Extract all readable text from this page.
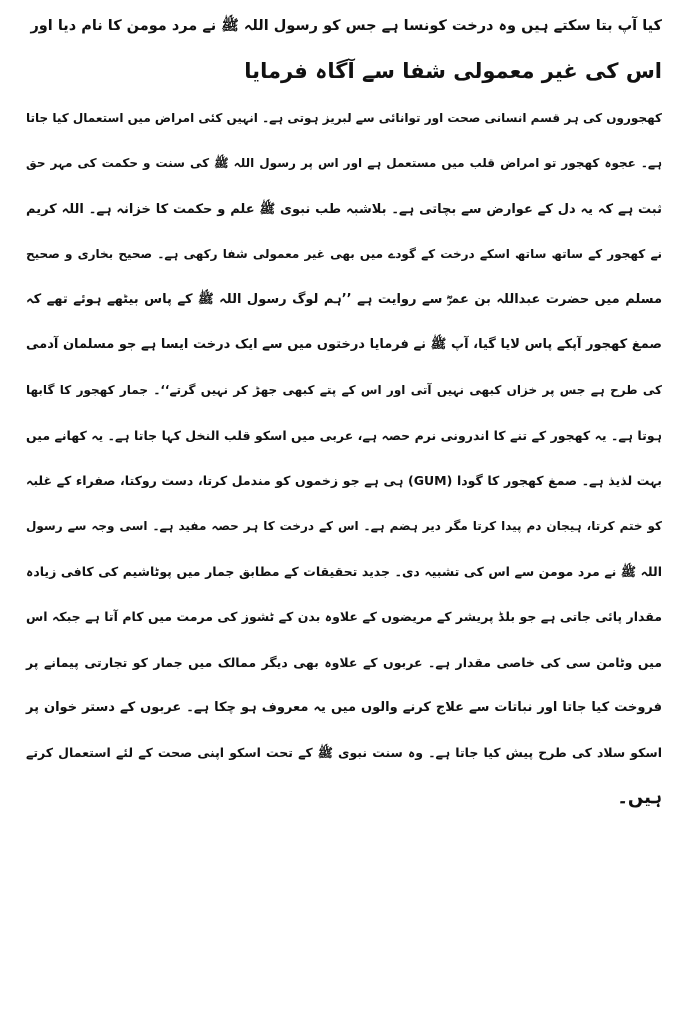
کیا آپ بتا سکتے ہیں وہ درخت کونسا ہے جس کو رسول اللہ ﷺ نے مرد مومن کا نام دیا اور
اس کی غیر معمولی شفا سے آگاہ فرمایا

کھجوروں کی ہر قسم انسانی صحت اور توانائی سے لبریز ہوتی ہے۔ انہیں کئی امراض میں استعمال کیا جاتا
ہے۔ عجوہ کھجور تو امراض قلب میں مستعمل ہے اور اس پر رسول اللہ ﷺ کی سنت و حکمت کی مہر حق
ثبت ہے کہ یہ دل کے عوارض سے بچاتی ہے۔ بلاشبہ طب نبوی ﷺ علم و حکمت کا خزانہ ہے۔ اللہ کریم
نے کھجور کے ساتھ ساتھ اسکے درخت کے گودے میں بھی غیر معمولی شفا رکھی ہے۔ صحیح بخاری و صحیح
مسلم میں حضرت عبداللہ بن عمرؓ سے روایت ہے ’’ہم لوگ رسول اللہ ﷺ کے پاس بیٹھے ہوئے تھے کہ
صمغ کھجور آپکے پاس لایا گیا، آپ ﷺ نے فرمایا درختوں میں سے ایک درخت ایسا ہے جو مسلمان آدمی
کی طرح ہے جس پر خزاں کبھی نہیں آتی اور اس کے پتے کبھی جھڑ کر نہیں گرتے‘‘۔ جمار کھجور کا گابھا
ہوتا ہے۔ یہ کھجور کے تنے کا اندرونی نرم حصہ ہے، عربی میں اسکو قلب النخل کہا جاتا ہے۔ یہ کھانے میں
بہت لذیذ ہے۔ صمغ کھجور کا گودا (GUM) ہی ہے جو زخموں کو مندمل کرتا، دست روکتا، صفراء کے غلبہ
کو ختم کرتا، ہیجان دم پیدا کرتا مگر دیر ہضم ہے۔ اس کے درخت کا ہر حصہ مفید ہے۔ اسی وجہ سے رسول
اللہ ﷺ نے مرد مومن سے اس کی تشبیہ دی۔ جدید تحقیقات کے مطابق جمار میں پوٹاشیم کی کافی زیادہ
مقدار پائی جاتی ہے جو بلڈ پریشر کے مریضوں کے علاوہ بدن کے ٹشوز کی مرمت میں کام آتا ہے جبکہ اس
میں وٹامن سی کی خاصی مقدار ہے۔ عربوں کے علاوہ بھی دیگر ممالک میں جمار کو تجارتی پیمانے پر
فروخت کیا جاتا اور نباتات سے علاج کرنے والوں میں یہ معروف ہو چکا ہے۔ عربوں کے دستر خوان پر
اسکو سلاد کی طرح پیش کیا جاتا ہے۔ وہ سنت نبوی ﷺ کے تحت اسکو اپنی صحت کے لئے استعمال کرتے
ہیں۔
